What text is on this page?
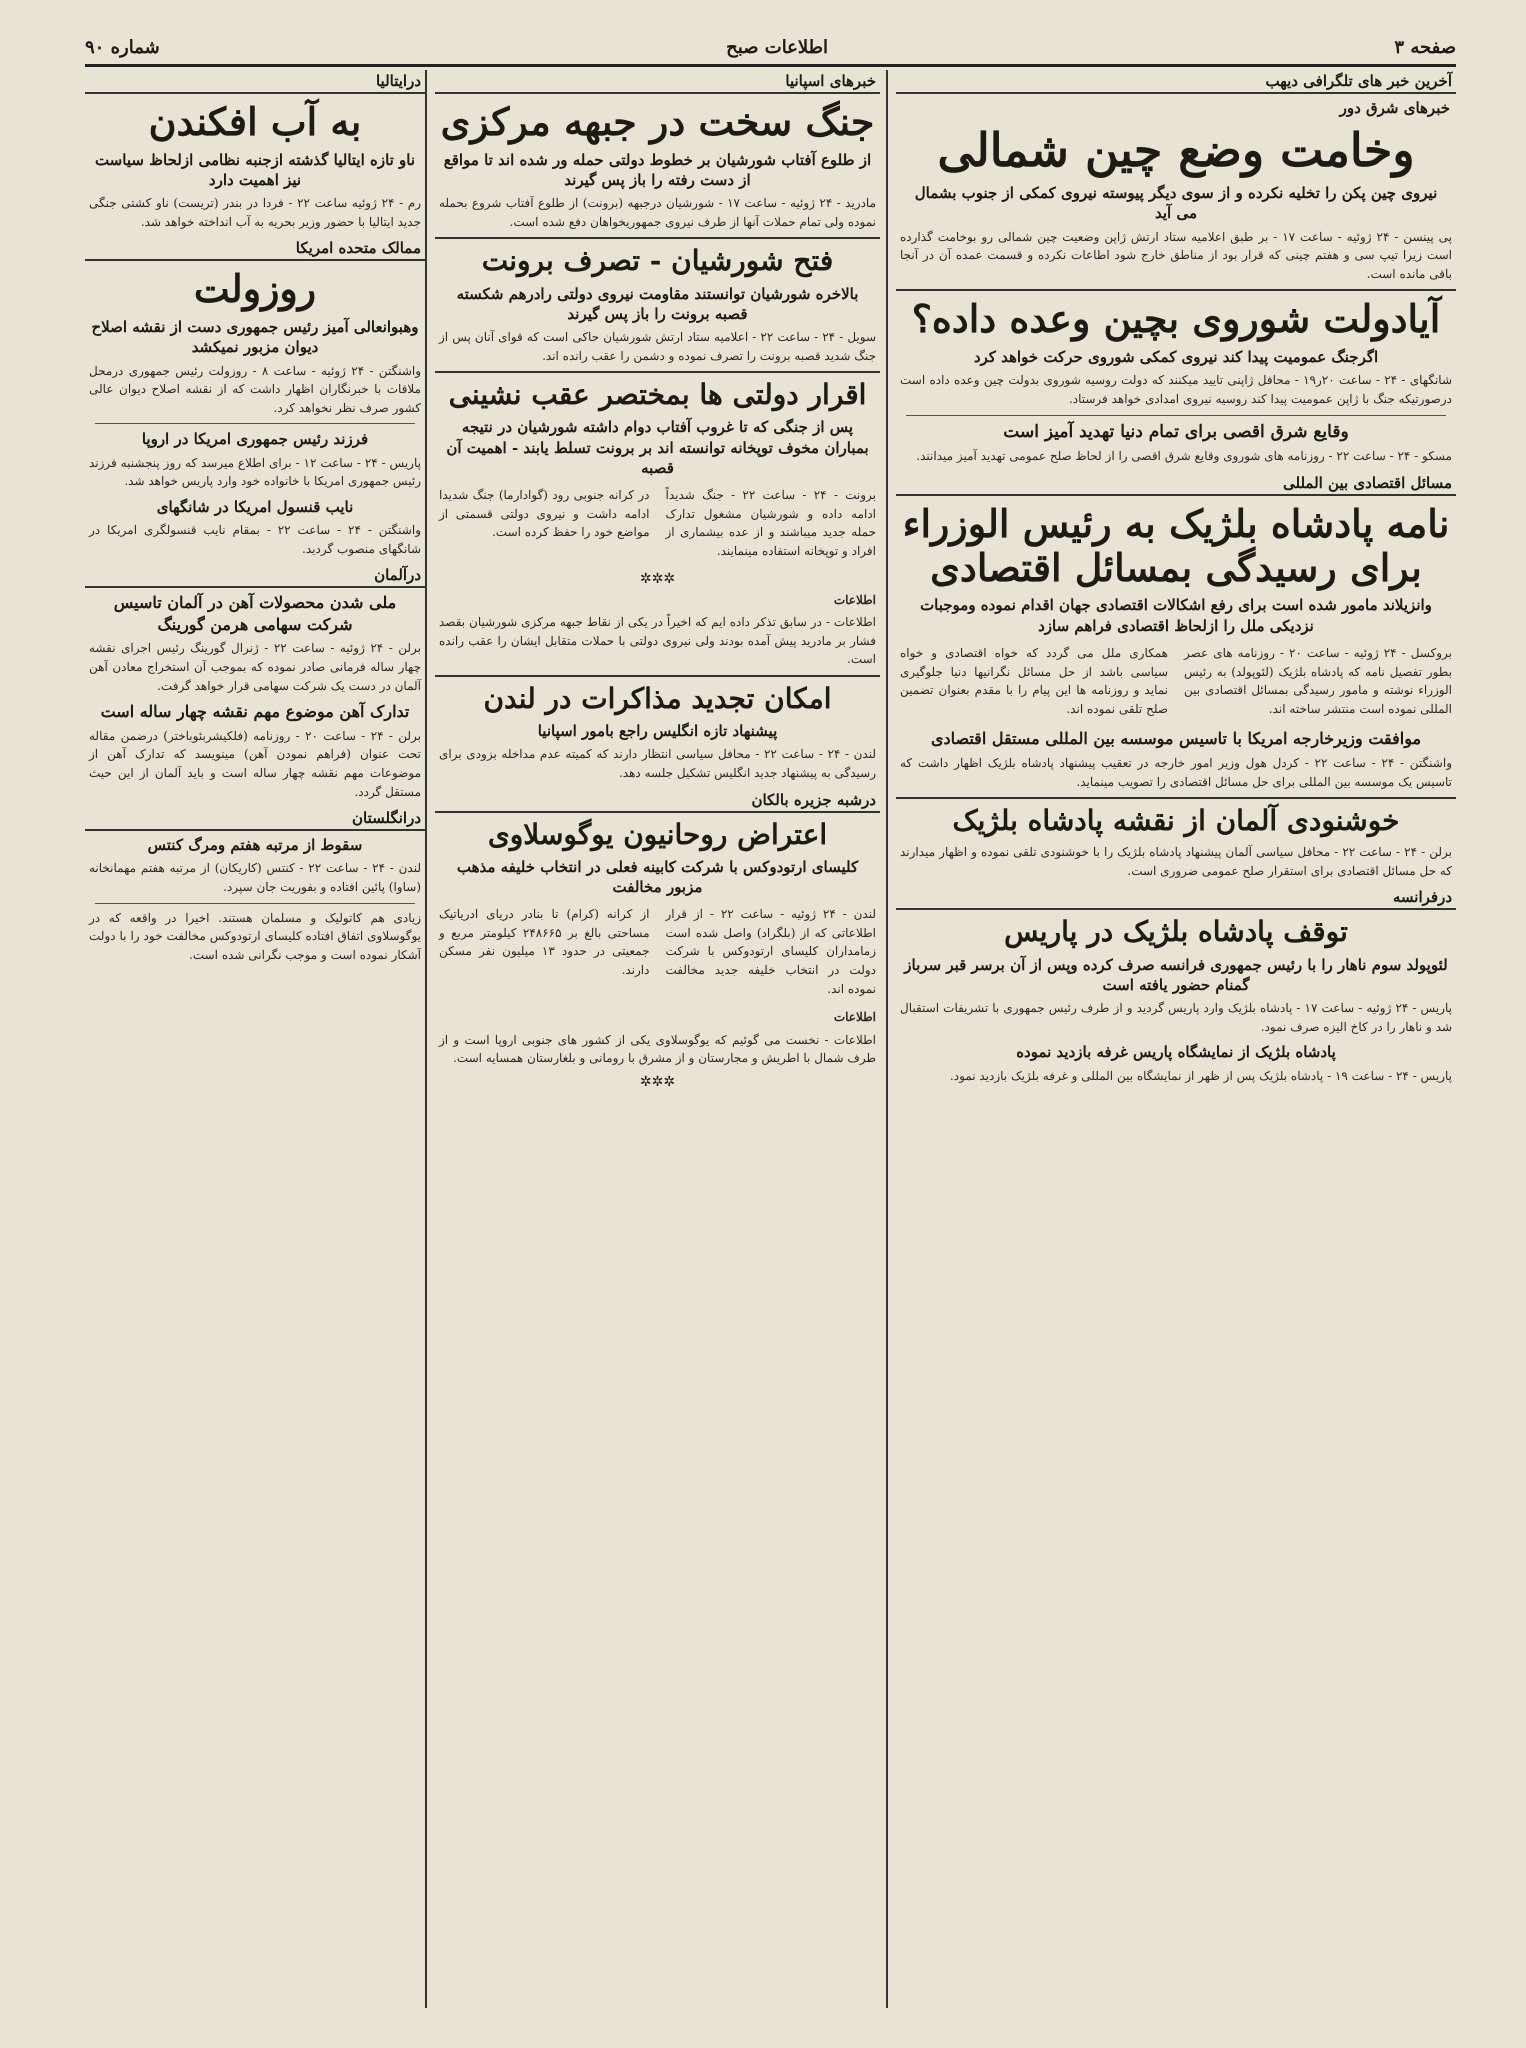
صفحه ۳
اطلاعات صبح
شماره ۹۰
آخرین خبر های تلگرافی دیهب
خبرهای شرق دور
وخامت وضع چین شمالی
نیروی چین پکن را تخلیه نکرده و از سوی دیگر پیوسته نیروی کمکی از جنوب بشمال می آید
پی پینسن - ۲۴ ژوئیه - ساعت ۱۷ - بر طبق اعلامیه ستاد ارتش ژاپن وضعیت چین شمالی رو بوخامت گذارده است زیرا تیپ سی و هفتم چینی که قرار بود از مناطق خارج شود اطاعات نکرده و قسمت عمده آن در آنجا باقی مانده است.
آیادولت شوروی بچین وعده داده؟
اگرجنگ عمومیت پیدا کند نیروی کمکی شوروی حرکت خواهد کرد
شانگهای - ۲۴ - ساعت ۲۰ر۱۹ - محافل ژاپنی تایید میکنند که دولت روسیه شوروی بدولت چین وعده داده است درصورتیکه جنگ با ژاپن عمومیت پیدا کند روسیه نیروی امدادی خواهد فرستاد.
وقایع شرق اقصی برای تمام دنیا تهدید آمیز است
مسکو - ۲۴ - ساعت ۲۲ - روزنامه های شوروی وقایع شرق اقصی را از لحاظ صلح عمومی تهدید آمیز میدانند.
مسائل اقتصادی بین المللی
نامه پادشاه بلژیک به رئیس الوزراء برای رسیدگی بمسائل اقتصادی
وانزیلاند مامور شده است برای رفع اشکالات اقتصادی جهان اقدام نموده وموجبات نزدیکی ملل را ازلحاظ اقتصادی فراهم سازد
بروکسل - ۲۴ ژوئیه - ساعت ۲۰ - روزنامه های عصر بطور تفصیل نامه که پادشاه بلژیک (لئوپولد) به رئیس الوزراء نوشته و مامور رسیدگی بمسائل اقتصادی بین المللی نموده است منتشر ساخته اند.
همکاری ملل می گردد که خواه اقتصادی و خواه سیاسی باشد از حل مسائل نگرانیها دنیا جلوگیری نماید و روزنامه ها این پیام را با مقدم بعنوان تضمین صلح تلقی نموده اند.
موافقت وزیرخارجه امریکا با تاسیس موسسه بین المللی مستقل اقتصادی
واشنگتن - ۲۴ - ساعت ۲۲ - کردل هول وزیر امور خارجه در تعقیب پیشنهاد پادشاه بلژیک اظهار داشت که تاسیس یک موسسه بین المللی برای حل مسائل اقتصادی را تصویب مینماید.
خوشنودی آلمان از نقشه پادشاه بلژیک
برلن - ۲۴ - ساعت ۲۲ - محافل سیاسی آلمان پیشنهاد پادشاه بلژیک را با خوشنودی تلقی نموده و اظهار میدارند که حل مسائل اقتصادی برای استقرار صلح عمومی ضروری است.
درفرانسه
توقف پادشاه بلژیک در پاریس
لئوپولد سوم ناهار را با رئیس جمهوری فرانسه صرف کرده وپس از آن برسر قبر سرباز گمنام حضور یافته است
پاریس - ۲۴ ژوئیه - ساعت ۱۷ - پادشاه بلژیک وارد پاریس گردید و از طرف رئیس جمهوری با تشریفات استقبال شد و ناهار را در کاخ الیزه صرف نمود.
پادشاه بلژیک از نمایشگاه پاریس غرفه بازدید نموده
پاریس - ۲۴ - ساعت ۱۹ - پادشاه بلژیک پس از ظهر از نمایشگاه بین المللی و غرفه بلژیک بازدید نمود.
خبرهای اسپانیا
جنگ سخت در جبهه مرکزی
از طلوع آفتاب شورشیان بر خطوط دولتی حمله ور شده اند تا مواقع از دست رفته را باز پس گیرند
مادرید - ۲۴ ژوئیه - ساعت ۱۷ - شورشیان درجبهه (برونت) از طلوع آفتاب شروع بحمله نموده ولی تمام حملات آنها از طرف نیروی جمهوریخواهان دفع شده است.
فتح شورشیان - تصرف برونت
بالاخره شورشیان توانستند مقاومت نیروی دولتی رادرهم شکسته قصبه برونت را باز پس گیرند
سویل - ۲۴ - ساعت ۲۲ - اعلامیه ستاد ارتش شورشیان حاکی است که قوای آنان پس از جنگ شدید قصبه برونت را تصرف نموده و دشمن را عقب رانده اند.
اقرار دولتی ها بمختصر عقب نشینی
پس از جنگی که تا غروب آفتاب دوام داشته شورشیان در نتیجه بمباران مخوف توپخانه توانسته اند بر برونت تسلط یابند - اهمیت آن قصبه
برونت - ۲۴ - ساعت ۲۲ - جنگ شدیداً ادامه داده و شورشیان مشغول تدارک حمله جدید میباشند و از عده بیشماری از افراد و توپخانه استفاده مینمایند.
در کرانه جنوبی رود (گوادارما) جنگ شدیدا ادامه داشت و نیروی دولتی قسمتی از مواضع خود را حفظ کرده است.
✲✲✲
اطلاعات
اطلاعات - در سابق تذکر داده ایم که اخیراً در یکی از نقاط جبهه مرکزی شورشیان بقصد فشار بر مادرید پیش آمده بودند ولی نیروی دولتی با حملات متقابل ایشان را عقب رانده است.
امکان تجدید مذاکرات در لندن
پیشنهاد تازه انگلیس راجع بامور اسپانیا
لندن - ۲۴ - ساعت ۲۲ - محافل سیاسی انتظار دارند که کمیته عدم مداخله بزودی برای رسیدگی به پیشنهاد جدید انگلیس تشکیل جلسه دهد.
درشبه جزیره بالکان
اعتراض روحانیون یوگوسلاوی
کلیسای ارتودوکس با شرکت کابینه فعلی در انتخاب خلیفه مذهب مزبور مخالفت
لندن - ۲۴ ژوئیه - ساعت ۲۲ - از قرار اطلاعاتی که از (بلگراد) واصل شده است زمامداران کلیسای ارتودوکس با شرکت دولت در انتخاب خلیفه جدید مخالفت نموده اند.
از کرانه (کرام) تا بنادر دریای ادریاتیک مساحتی بالغ بر ۲۴۸۶۶۵ کیلومتر مربع و جمعیتی در حدود ۱۳ میلیون نفر مسکن دارند.
اطلاعات
اطلاعات - نخست می گوئیم که یوگوسلاوی یکی از کشور های جنوبی اروپا است و از طرف شمال با اطریش و مجارستان و از مشرق با رومانی و بلغارستان همسایه است.
✲✲✲
درایتالیا
به آب افکندن
ناو تازه ایتالیا گذشته ازجنبه نظامی ازلحاظ سیاست نیز اهمیت دارد
رم - ۲۴ ژوئیه ساعت ۲۲ - فردا در بندر (تریست) ناو کشتی جنگی جدید ایتالیا با حضور وزیر بحریه به آب انداخته خواهد شد.
ممالک متحده امریکا
روزولت
وهبوانعالی آمیز رئیس جمهوری دست از نقشه اصلاح دیوان مزبور نمیکشد
واشنگتن - ۲۴ ژوئیه - ساعت ۸ - روزولت رئیس جمهوری درمحل ملاقات با خبرنگاران اظهار داشت که از نقشه اصلاح دیوان عالی کشور صرف نظر نخواهد کرد.
فرزند رئیس جمهوری امریکا در اروپا
پاریس - ۲۴ - ساعت ۱۲ - برای اطلاع میرسد که روز پنجشنبه فرزند رئیس جمهوری امریکا با خانواده خود وارد پاریس خواهد شد.
نایب قنسول امریکا در شانگهای
واشنگتن - ۲۴ - ساعت ۲۲ - بمقام نایب قنسولگری امریکا در شانگهای منصوب گردید.
درآلمان
ملی شدن محصولات آهن در آلمان تاسیس شرکت سهامی هرمن گورینگ
برلن - ۲۴ ژوئیه - ساعت ۲۲ - ژنرال گورینگ رئیس اجرای نقشه چهار ساله فرمانی صادر نموده که بموجب آن استخراج معادن آهن آلمان در دست یک شرکت سهامی قرار خواهد گرفت.
تدارک آهن موضوع مهم نقشه چهار ساله است
برلن - ۲۴ - ساعت ۲۰ - روزنامه (فلکیشربئوباختر) درضمن مقاله تحت عنوان (فراهم نمودن آهن) مینویسد که تدارک آهن از موضوعات مهم نقشه چهار ساله است و باید آلمان از این حیث مستقل گردد.
درانگلستان
سقوط از مرتبه هفتم ومرگ کنتس
لندن - ۲۴ - ساعت ۲۲ - کنتس (کاریکان) از مرتبه هفتم مهمانخانه (ساوا) پائین افتاده و بفوریت جان سپرد.
زیادی هم کاتولیک و مسلمان هستند. اخیرا در واقعه که در یوگوسلاوی اتفاق افتاده کلیسای ارتودوکس مخالفت خود را با دولت آشکار نموده است و موجب نگرانی شده است.
